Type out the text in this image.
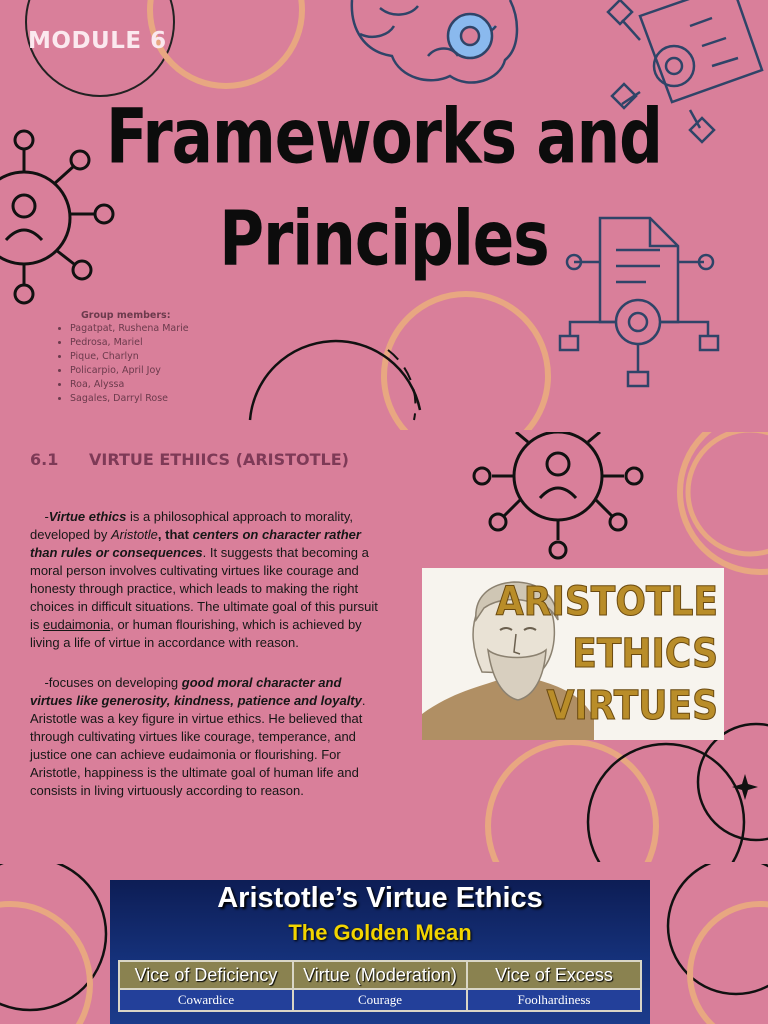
MODULE 6
Frameworks and
Principles
Group members:
• Pagatpat, Rushena Marie
• Pedrosa, Mariel
• Pique, Charlyn
• Policarpio, April Joy
• Roa, Alyssa
• Sagales, Darryl Rose
6.1 VIRTUE ETHIICS (ARISTOTLE)

-Virtue ethics is a philosophical approach to morality, developed by Aristotle, that centers on character rather than rules or consequences. It suggests that becoming a moral person involves cultivating virtues like courage and honesty through practice, which leads to making the right choices in difficult situations. The ultimate goal of this pursuit is eudaimonia, or human flourishing, which is achieved by living a life of virtue in accordance with reason.

-focuses on developing good moral character and virtues like generosity, kindness, patience and loyalty. Aristotle was a key figure in virtue ethics. He believed that through cultivating virtues like courage, temperance, and justice one can achieve eudaimonia or flourishing. For Aristotle, happiness is the ultimate goal of human life and consists in living virtuously according to reason.

ARISTOTLE
ETHICS
VIRTUES
Aristotle’s Virtue Ethics
The Golden Mean
Vice of Deficiency	Virtue (Moderation)	Vice of Excess
Cowardice	Courage	Foolhardiness
